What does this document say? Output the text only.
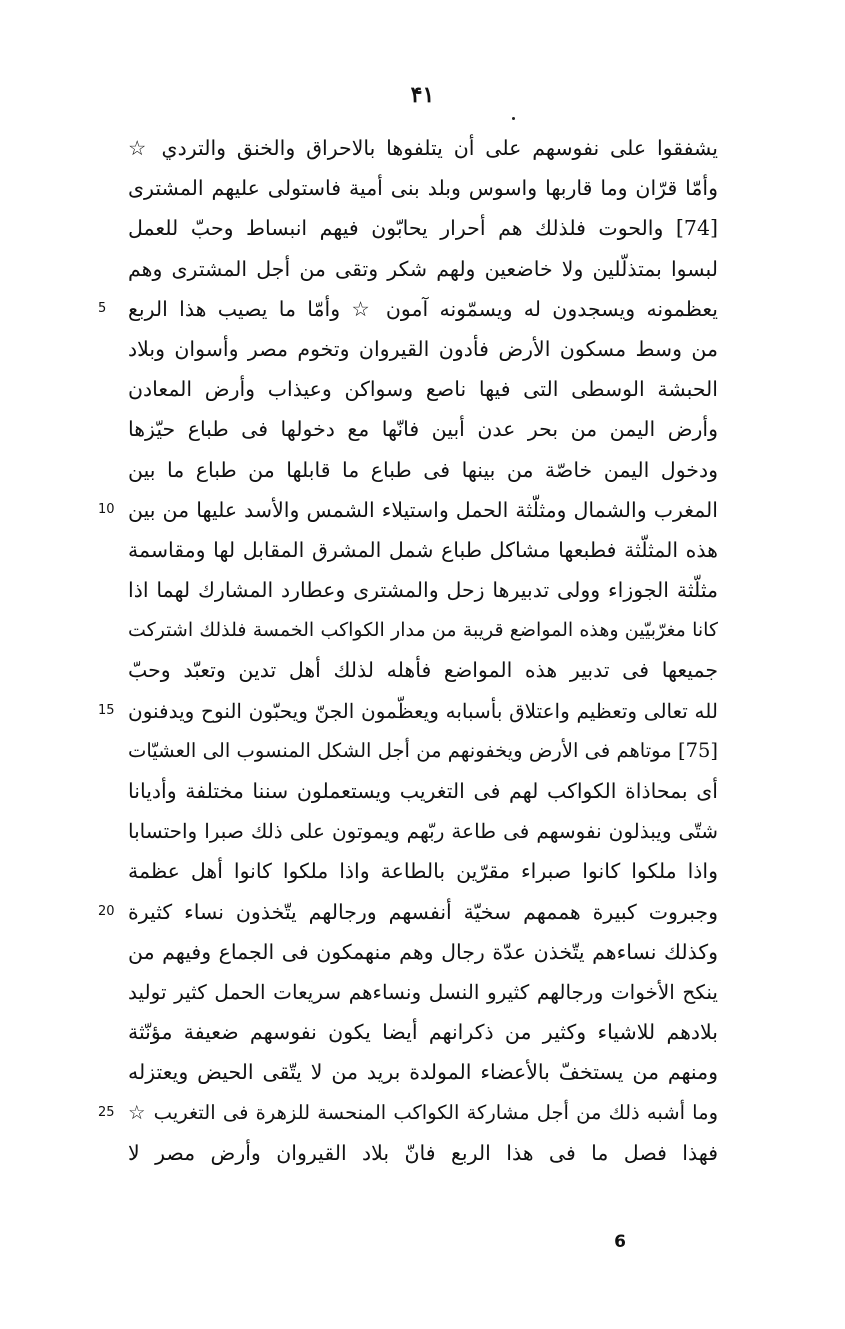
۴۱
يشفقوا على نفوسهم على أن يتلفوها بالاحراق والخنق والتردي ☆
وأمّا قرّان وما قاربها واسوس وبلد بنى أمية فاستولى عليهم المشترى
[74] والحوت فلذلك هم أحرار يحابّون فيهم انبساط وحبّ للعمل
لبسوا بمتذلّلين ولا خاضعين ولهم شكر وتقى من أجل المشترى وهم
يعظمونه ويسجدون له ويسمّونه آمون ☆ وأمّا ما يصيب هذا الربع
من وسط مسكون الأرض فأدون القيروان وتخوم مصر وأسوان وبلاد
الحبشة الوسطى التى فيها ناصع وسواكن وعيذاب وأرض المعادن
وأرض اليمن من بحر عدن أبين فانّها مع دخولها فى طباع حيّزها
ودخول اليمن خاصّة من بينها فى طباع ما قابلها من طباع ما بين
المغرب والشمال ومثلّثة الحمل واستيلاء الشمس والأسد عليها من بين
هذه المثلّثة فطبعها مشاكل طباع شمل المشرق المقابل لها ومقاسمة
مثلّثة الجوزاء وولى تدبيرها زحل والمشترى وعطارد المشارك لهما اذا
كانا مغرّبيّين وهذه المواضع قريبة من مدار الكواكب الخمسة فلذلك اشتركت
جميعها فى تدبير هذه المواضع فأهله لذلك أهل تدين وتعبّد وحبّ
لله تعالى وتعظيم واعتلاق بأسبابه ويعظّمون الجنّ ويحبّون النوح ويدفنون
[75] موتاهم فى الأرض ويخفونهم من أجل الشكل المنسوب الى العشيّات
أى بمحاذاة الكواكب لهم فى التغريب ويستعملون سننا مختلفة وأديانا
شتّى ويبذلون نفوسهم فى طاعة ربّهم ويموتون على ذلك صبرا واحتسابا
واذا ملكوا كانوا صبراء مقرّين بالطاعة واذا ملكوا كانوا أهل عظمة
وجبروت كبيرة هممهم سخيّة أنفسهم ورجالهم يتّخذون نساء كثيرة
وكذلك نساءهم يتّخذن عدّة رجال وهم منهمكون فى الجماع وفيهم من
ينكح الأخوات ورجالهم كثيرو النسل ونساءهم سريعات الحمل كثير توليد
بلادهم للاشياء وكثير من ذكرانهم أيضا يكون نفوسهم ضعيفة مؤنّثة
ومنهم من يستخفّ بالأعضاء المولدة بريد من لا يتّقى الحيض ويعتزله
وما أشبه ذلك من أجل مشاركة الكواكب المنحسة للزهرة فى التغريب ☆
فهذا فصل ما فى هذا الربع فانّ بلاد القيروان وأرض مصر لا
5
10
15
20
25
6
